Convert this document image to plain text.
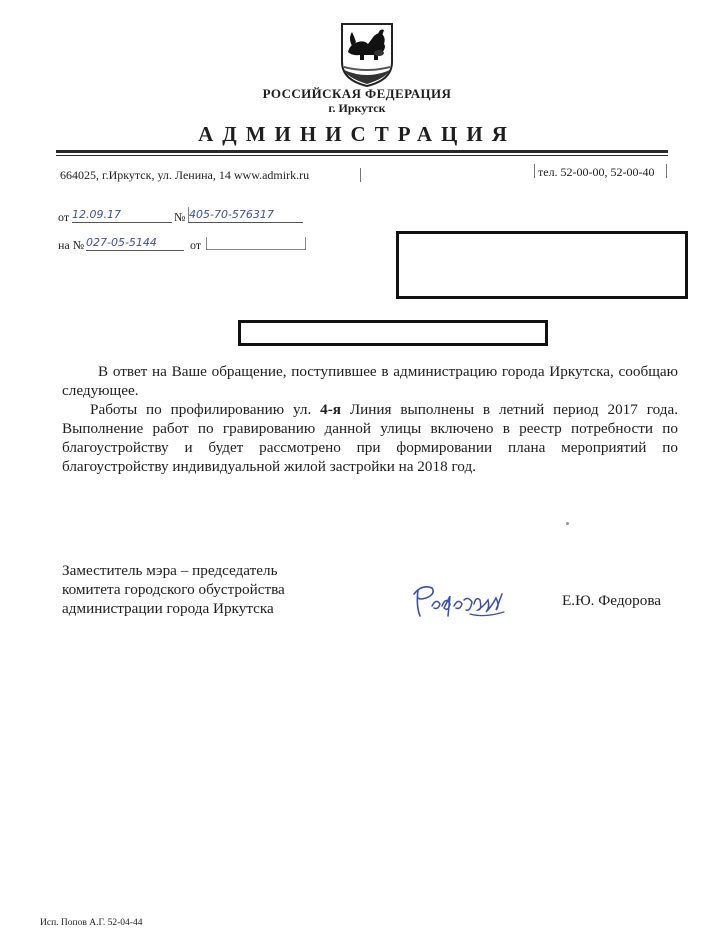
РОССИЙСКАЯ ФЕДЕРАЦИЯ
г. Иркутск
АДМИНИСТРАЦИЯ
664025, г.Иркутск, ул. Ленина, 14 www.admirk.ru	тел. 52-00-00, 52-00-40
от 12.09.17	№ 405-70-576317
на № 027-05-5144	от
В ответ на Ваше обращение, поступившее в администрацию города Иркутска, сообщаю следующее.
Работы по профилированию ул. 4-я Линия выполнены в летний период 2017 года. Выполнение работ по гравированию данной улицы включено в реестр потребности по благоустройству и будет рассмотрено при формировании плана мероприятий по благоустройству индивидуальной жилой застройки на 2018 год.
Заместитель мэра – председатель
комитета городского обустройства
администрации города Иркутска	Е.Ю. Федорова
Исп. Попов А.Г. 52-04-44
